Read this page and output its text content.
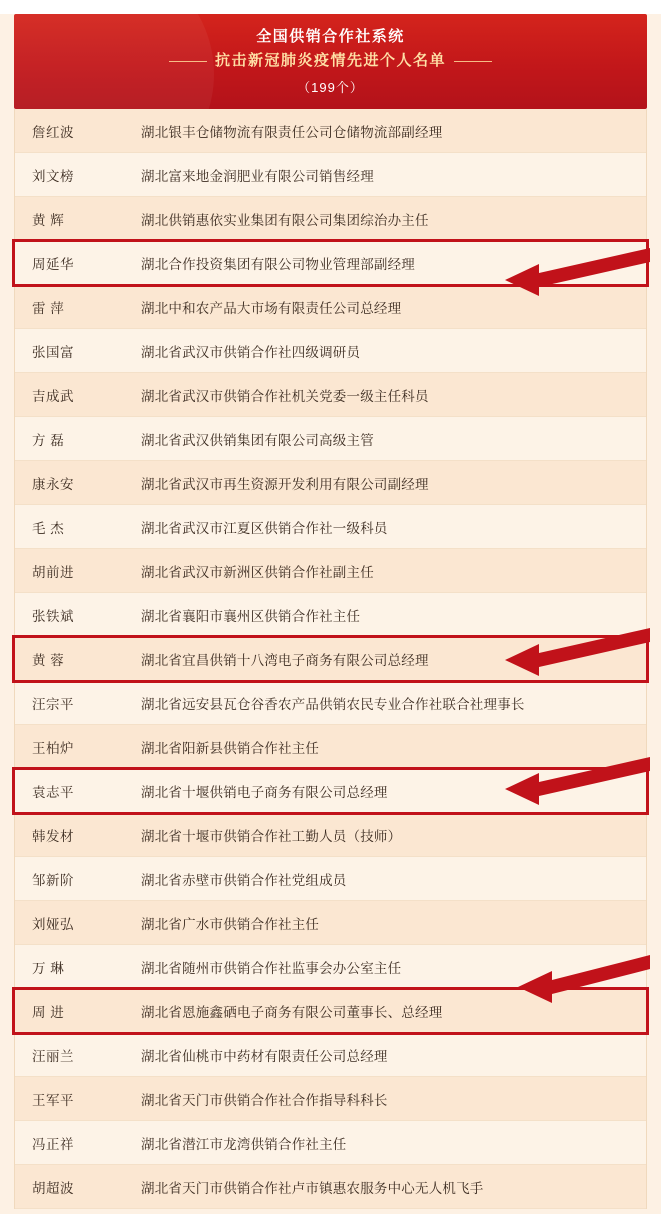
全国供销合作社系统
抗击新冠肺炎疫情先进个人名单
（199个）
詹红波	湖北银丰仓储物流有限责任公司仓储物流部副经理
刘文榜	湖北富来地金润肥业有限公司销售经理
黄 辉	湖北供销惠依实业集团有限公司集团综治办主任
周延华	湖北合作投资集团有限公司物业管理部副经理
雷 萍	湖北中和农产品大市场有限责任公司总经理
张国富	湖北省武汉市供销合作社四级调研员
吉成武	湖北省武汉市供销合作社机关党委一级主任科员
方 磊	湖北省武汉供销集团有限公司高级主管
康永安	湖北省武汉市再生资源开发利用有限公司副经理
毛 杰	湖北省武汉市江夏区供销合作社一级科员
胡前进	湖北省武汉市新洲区供销合作社副主任
张铁斌	湖北省襄阳市襄州区供销合作社主任
黄 蓉	湖北省宜昌供销十八湾电子商务有限公司总经理
汪宗平	湖北省远安县瓦仓谷香农产品供销农民专业合作社联合社理事长
王柏炉	湖北省阳新县供销合作社主任
袁志平	湖北省十堰供销电子商务有限公司总经理
韩发材	湖北省十堰市供销合作社工勤人员（技师）
邹新阶	湖北省赤壁市供销合作社党组成员
刘娅弘	湖北省广水市供销合作社主任
万 琳	湖北省随州市供销合作社监事会办公室主任
周 进	湖北省恩施鑫硒电子商务有限公司董事长、总经理
汪丽兰	湖北省仙桃市中药材有限责任公司总经理
王军平	湖北省天门市供销合作社合作指导科科长
冯正祥	湖北省潜江市龙湾供销合作社主任
胡超波	湖北省天门市供销合作社卢市镇惠农服务中心无人机飞手
